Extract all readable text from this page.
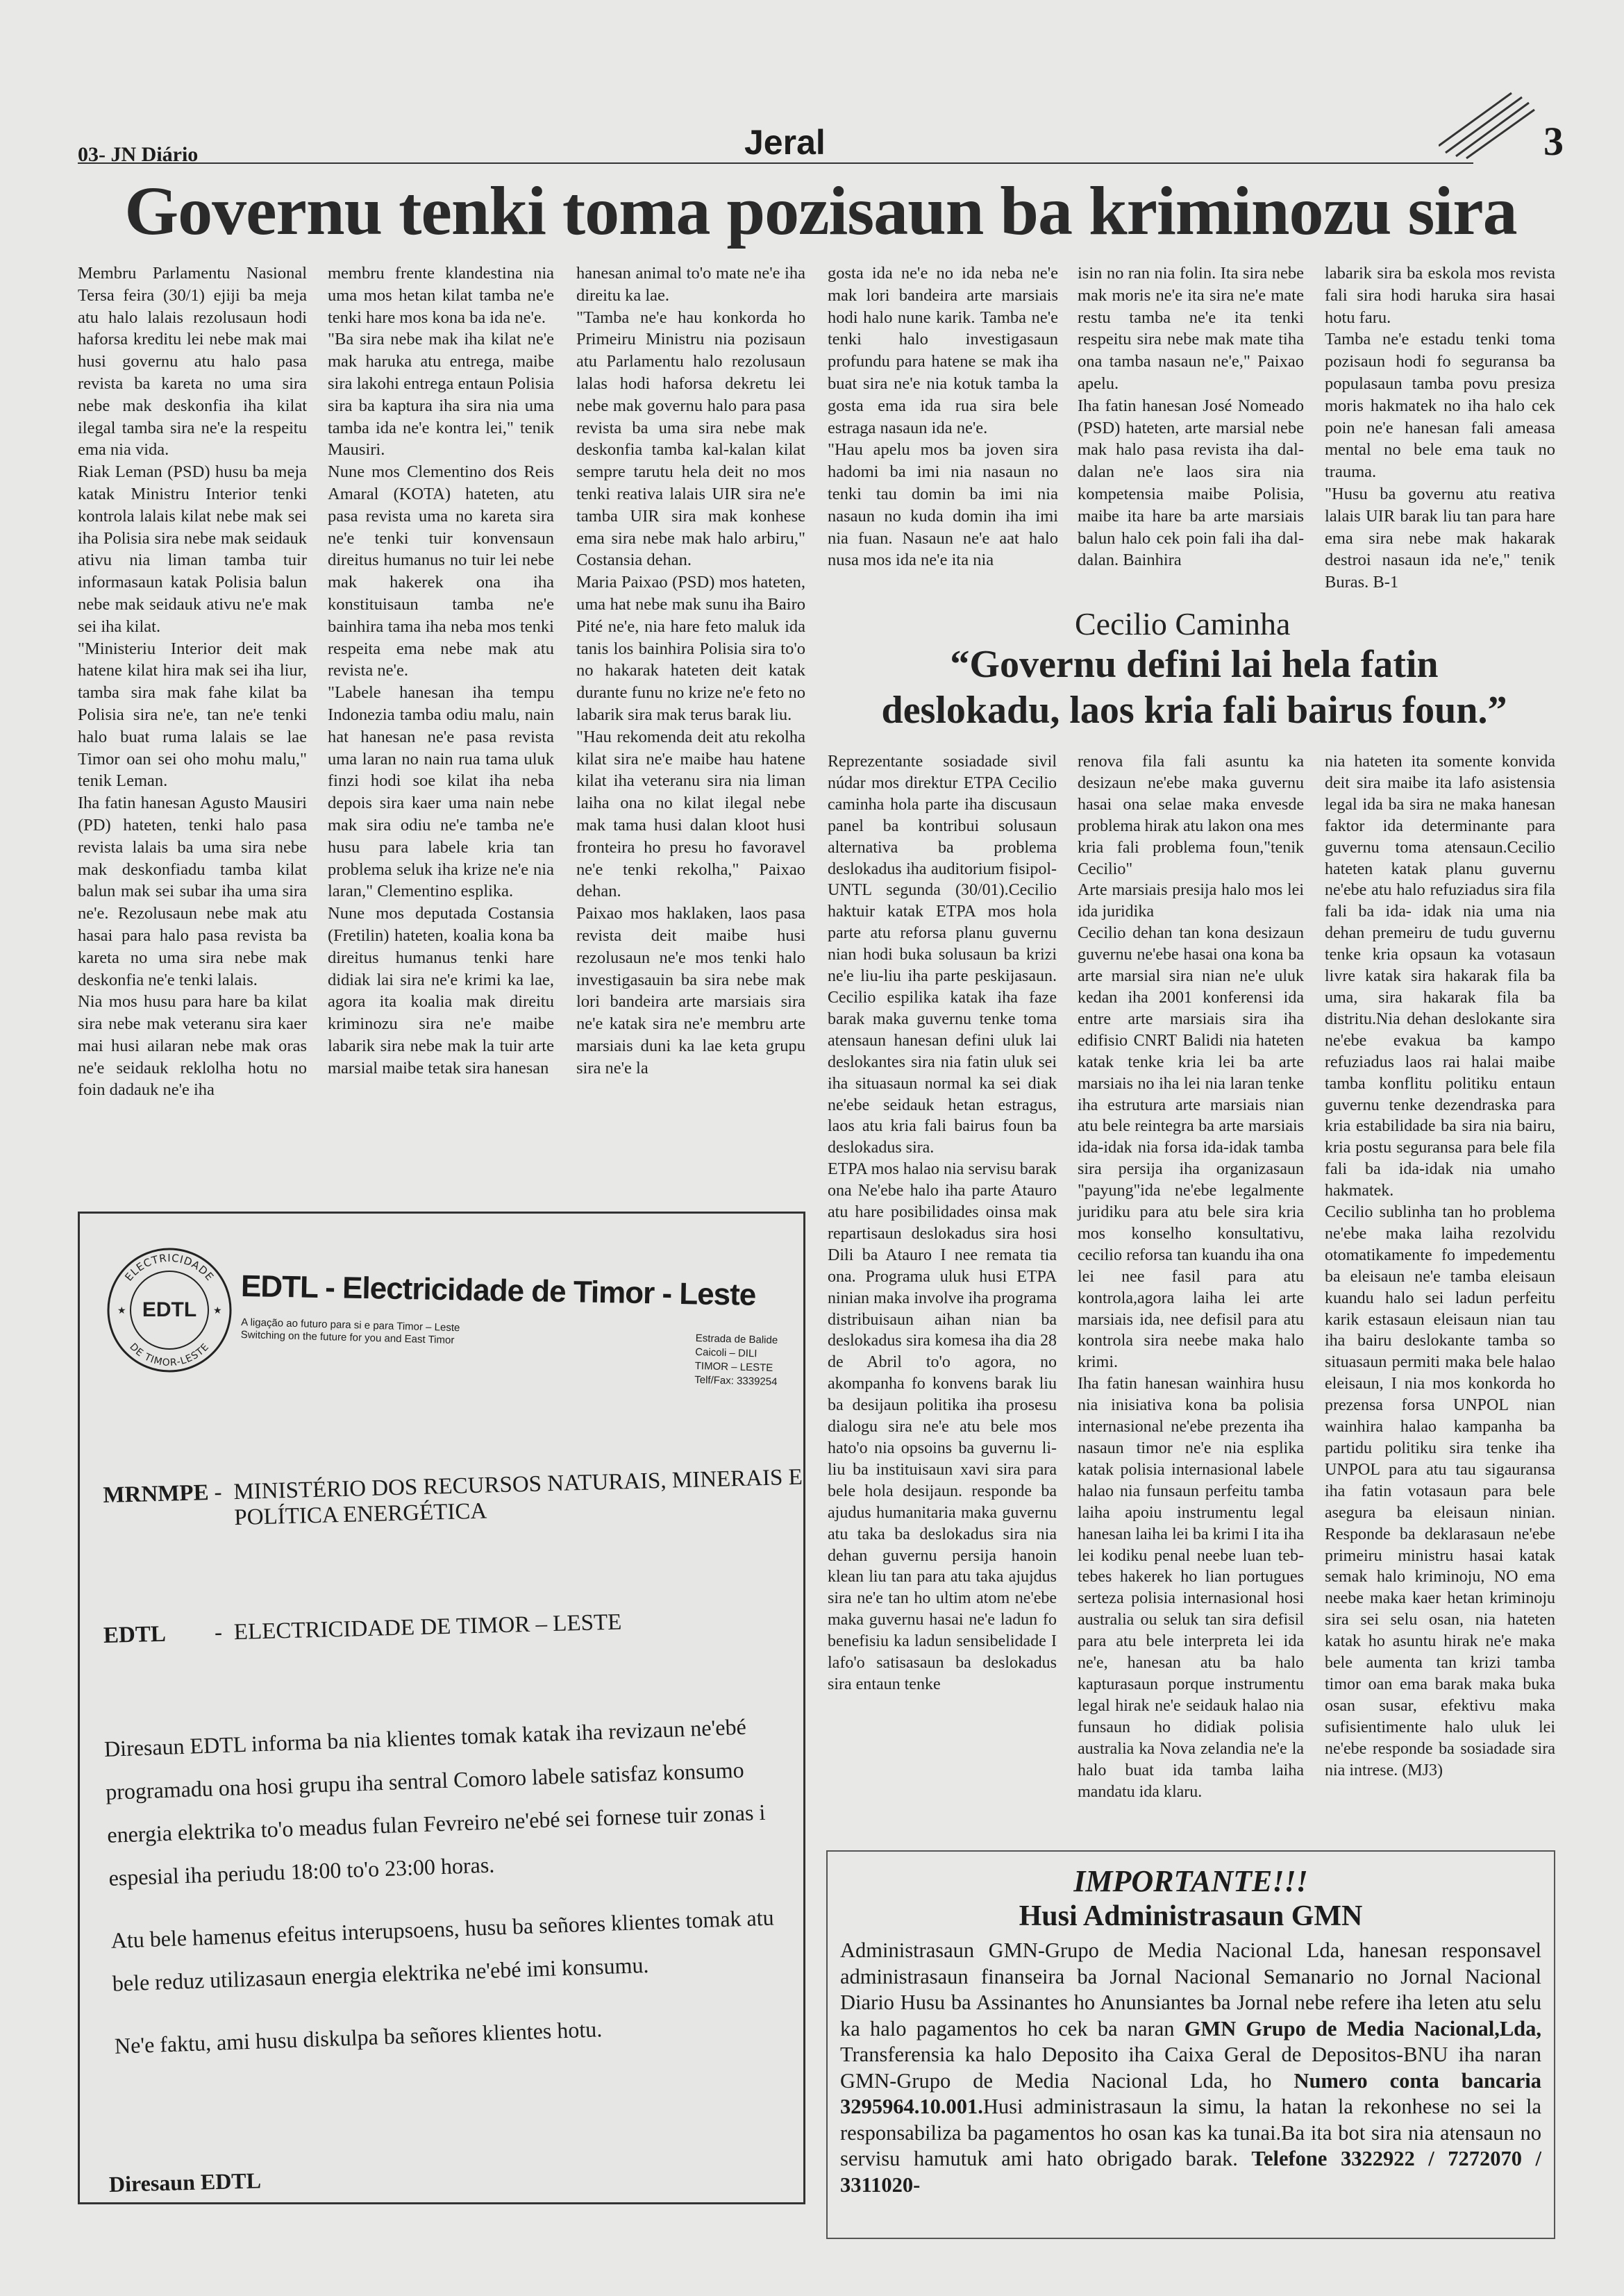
03- JN Diário	Jeral	3
Governu tenki toma pozisaun ba kriminozu sira

Membru Parlamentu Nasional Tersa feira (30/1) ejiji ba meja atu halo lalais rezolusaun hodi haforsa kreditu lei nebe mak mai husi governu atu halo pasa revista ba kareta no uma sira nebe mak deskonfia iha kilat ilegal tamba sira ne'e la respeitu ema nia vida.

Riak Leman (PSD) husu ba meja katak Ministru Interior tenki kontrola lalais kilat nebe mak sei iha Polisia sira nebe mak seidauk ativu nia liman tamba tuir informasaun katak Polisia balun nebe mak seidauk ativu ne'e mak sei iha kilat.

"Ministeriu Interior deit mak hatene kilat hira mak sei iha liur, tamba sira mak fahe kilat ba Polisia sira ne'e, tan ne'e tenki halo buat ruma lalais se lae Timor oan sei oho mohu malu," tenik Leman.

Iha fatin hanesan Agusto Mausiri (PD) hateten, tenki halo pasa revista lalais ba uma sira nebe mak deskonfiadu tamba kilat balun mak sei subar iha uma sira ne'e. Rezolusaun nebe mak atu hasai para halo pasa revista ba kareta no uma sira nebe mak deskonfia ne'e tenki lalais.

Nia mos husu para hare ba kilat sira nebe mak veteranu sira kaer mai husi ailaran nebe mak oras ne'e seidauk reklolha hotu no foin dadauk ne'e iha

membru frente klandestina nia uma mos hetan kilat tamba ne'e tenki hare mos kona ba ida ne'e.

"Ba sira nebe mak iha kilat ne'e mak haruka atu entrega, maibe sira lakohi entrega entaun Polisia sira ba kaptura iha sira nia uma tamba ida ne'e kontra lei," tenik Mausiri.

Nune mos Clementino dos Reis Amaral (KOTA) hateten, atu pasa revista uma no kareta sira ne'e tenki tuir konvensaun direitus humanus no tuir lei nebe mak hakerek ona iha konstituisaun tamba ne'e bainhira tama iha neba mos tenki respeita ema nebe mak atu revista ne'e.

"Labele hanesan iha tempu Indonezia tamba odiu malu, nain hat hanesan ne'e pasa revista uma laran no nain rua tama uluk finzi hodi soe kilat iha neba depois sira kaer uma nain nebe mak sira odiu ne'e tamba ne'e husu para labele kria tan problema seluk iha krize ne'e nia laran," Clementino esplika.

Nune mos deputada Costansia (Fretilin) hateten, koalia kona ba direitus humanus tenki hare didiak lai sira ne'e krimi ka lae, agora ita koalia mak direitu kriminozu sira ne'e maibe labarik sira nebe mak la tuir arte marsial maibe tetak sira hanesan

hanesan animal to'o mate ne'e iha direitu ka lae.

"Tamba ne'e hau konkorda ho Primeiru Ministru nia pozisaun atu Parlamentu halo rezolusaun lalas hodi haforsa dekretu lei nebe mak governu halo para pasa revista ba uma sira nebe mak deskonfia tamba kal-kalan kilat sempre tarutu hela deit no mos tenki reativa lalais UIR sira ne'e tamba UIR sira mak konhese ema sira nebe mak halo arbiru," Costansia dehan.

Maria Paixao (PSD) mos hateten, uma hat nebe mak sunu iha Bairo Pité ne'e, nia hare feto maluk ida tanis los bainhira Polisia sira to'o no hakarak hateten deit katak durante funu no krize ne'e feto no labarik sira mak terus barak liu.

"Hau rekomenda deit atu rekolha kilat sira ne'e maibe hau hatene kilat iha veteranu sira nia liman laiha ona no kilat ilegal nebe mak tama husi dalan kloot husi fronteira ho presu ho favoravel ne'e tenki rekolha," Paixao dehan.

Paixao mos haklaken, laos pasa revista deit maibe husi rezolusaun ne'e mos tenki halo investigasauin ba sira nebe mak lori bandeira arte marsiais sira ne'e katak sira ne'e membru arte marsiais duni ka lae keta grupu sira ne'e la

gosta ida ne'e no ida neba ne'e mak lori bandeira arte marsiais hodi halo nune karik. Tamba ne'e tenki halo investigasaun profundu para hatene se mak iha buat sira ne'e nia kotuk tamba la gosta ema ida rua sira bele estraga nasaun ida ne'e.

"Hau apelu mos ba joven sira hadomi ba imi nia nasaun no tenki tau domin ba imi nia nasaun no kuda domin iha imi nia fuan. Nasaun ne'e aat halo nusa mos ida ne'e ita nia

isin no ran nia folin. Ita sira nebe mak moris ne'e ita sira ne'e mate restu tamba ne'e ita tenki respeitu sira nebe mak mate tiha ona tamba nasaun ne'e," Paixao apelu.

Iha fatin hanesan José Nomeado (PSD) hateten, arte marsial nebe mak halo pasa revista iha dal-dalan ne'e laos sira nia kompetensia maibe Polisia, maibe ita hare ba arte marsiais balun halo cek poin fali iha dal-dalan. Bainhira

labarik sira ba eskola mos revista fali sira hodi haruka sira hasai hotu faru.

Tamba ne'e estadu tenki toma pozisaun hodi fo seguransa ba populasaun tamba povu presiza moris hakmatek no iha halo cek poin ne'e hanesan fali ameasa mental no bele ema tauk no trauma.

"Husu ba governu atu reativa lalais UIR barak liu tan para hare ema sira nebe mak hakarak destroi nasaun ida ne'e," tenik Buras. B-1

Cecilio Caminha
“Governu defini lai hela fatin
deslokadu, laos kria fali bairus foun.”

Reprezentante sosiadade sivil núdar mos direktur ETPA Cecilio caminha hola parte iha discusaun panel ba kontribui solusaun alternativa ba problema deslokadus iha auditorium fisipol- UNTL segunda (30/01).Cecilio haktuir katak ETPA mos hola parte atu reforsa planu guvernu nian hodi buka solusaun ba krizi ne'e liu-liu iha parte peskijasaun. Cecilio espilika katak iha faze barak maka guvernu tenke toma atensaun hanesan defini uluk lai deslokantes sira nia fatin uluk sei iha situasaun normal ka sei diak ne'ebe seidauk hetan estragus, laos atu kria fali bairus foun ba deslokadus sira.

ETPA mos halao nia servisu barak ona Ne'ebe halo iha parte Atauro atu hare posibilidades oinsa mak repartisaun deslokadus sira hosi Dili ba Atauro I nee remata tia ona. Programa uluk husi ETPA ninian maka involve iha programa distribuisaun aihan nian ba deslokadus sira komesa iha dia 28 de Abril to'o agora, no akompanha fo konvens barak liu ba desijaun politika iha prosesu dialogu sira ne'e atu bele mos hato'o nia opsoins ba guvernu li-liu ba instituisaun xavi sira para bele hola desijaun. responde ba ajudus humanitaria maka guvernu atu taka ba deslokadus sira nia dehan guvernu persija hanoin klean liu tan para atu taka ajujdus sira ne'e tan ho ultim atom ne'ebe maka guvernu hasai ne'e ladun fo benefisiu ka ladun sensibelidade I lafo'o satisasaun ba deslokadus sira entaun tenke

renova fila fali asuntu ka desizaun ne'ebe maka guvernu hasai ona selae maka envesde problema hirak atu lakon ona mes kria fali problema foun,"tenik Cecilio"

Arte marsiais presija halo mos lei ida juridika

Cecilio dehan tan kona desizaun guvernu ne'ebe hasai ona kona ba arte marsial sira nian ne'e uluk kedan iha 2001 konferensi ida entre arte marsiais sira iha edifisio CNRT Balidi nia hateten katak tenke kria lei ba arte marsiais no iha lei nia laran tenke iha estrutura arte marsiais nian atu bele reintegra ba arte marsiais ida-idak nia forsa ida-idak tamba sira persija iha organizasaun "payung"ida ne'ebe legalmente juridiku para atu bele sira kria mos konselho konsultativu, cecilio reforsa tan kuandu iha ona lei nee fasil para atu kontrola,agora laiha lei arte marsiais ida, nee defisil para atu kontrola sira neebe maka halo krimi.

Iha fatin hanesan wainhira husu nia inisiativa kona ba polisia internasional ne'ebe prezenta iha nasaun timor ne'e nia esplika katak polisia internasional labele halao nia funsaun perfeitu tamba laiha apoiu instrumentu legal hanesan laiha lei ba krimi I ita iha lei kodiku penal neebe luan teb-tebes hakerek ho lian portugues serteza polisia internasional hosi australia ou seluk tan sira defisil para atu bele interpreta lei ida ne'e, hanesan atu ba halo kapturasaun porque instrumentu legal hirak ne'e seidauk halao nia funsaun ho didiak polisia australia ka Nova zelandia ne'e la halo buat ida tamba laiha mandatu ida klaru.

nia hateten ita somente konvida deit sira maibe ita lafo asistensia legal ida ba sira ne maka hanesan faktor ida determinante para guvernu toma atensaun.Cecilio hateten katak planu guvernu ne'ebe atu halo refuziadus sira fila fali ba ida- idak nia uma nia dehan premeiru de tudu guvernu tenke kria opsaun ka votasaun livre katak sira hakarak fila ba uma, sira hakarak fila ba distritu.Nia dehan deslokante sira ne'ebe evakua ba kampo refuziadus laos rai halai maibe tamba konflitu politiku entaun guvernu tenke dezendraska para kria estabilidade ba sira nia bairu, kria postu seguransa para bele fila fali ba ida-idak nia umaho hakmatek.

Cecilio sublinha tan ho problema ne'ebe maka laiha rezolvidu otomatikamente fo impedementu ba eleisaun ne'e tamba eleisaun kuandu halo sei ladun perfeitu karik estasaun eleisaun nian tau iha bairu deslokante tamba so situasaun permiti maka bele halao eleisaun, I nia mos konkorda ho prezensa forsa UNPOL nian wainhira halao kampanha ba partidu politiku sira tenke iha UNPOL para atu tau sigauransa iha fatin votasaun para bele asegura ba eleisaun ninian. Responde ba deklarasaun ne'ebe primeiru ministru hasai katak semak halo kriminoju, NO ema neebe maka kaer hetan kriminoju sira sei selu osan, nia hateten katak ho asuntu hirak ne'e maka bele aumenta tan krizi tamba timor oan ema barak maka buka osan susar, efektivu maka sufisientimente halo uluk lei ne'ebe responde ba sosiadade sira nia intrese. (MJ3)

ELECTRICIDADE
DE TIMOR-LESTE
EDTL
★	★ EDTL - Electricidade de Timor - Leste
A ligação ao futuro para si e para Timor – Leste
Switching on the future for you and East Timor	Estrada de Balide
Caicoli – DILI
TIMOR – LESTE
Telf/Fax: 3339254
MRNMPE - MINISTÉRIO DOS RECURSOS NATURAIS, MINERAIS E
POLÍTICA ENERGÉTICA
EDTL - ELECTRICIDADE DE TIMOR – LESTE

Diresaun EDTL informa ba nia klientes tomak katak iha revizaun ne'ebé programadu ona hosi grupu iha sentral Comoro labele satisfaz konsumo energia elektrika to'o meadus fulan Fevreiro ne'ebé sei fornese tuir zonas i espesial iha periudu 18:00 to'o 23:00 horas.

Atu bele hamenus efeitus interupsoens, husu ba señores klientes tomak atu bele reduz utilizasaun energia elektrika ne'ebé imi konsumu.

Ne'e faktu, ami husu diskulpa ba señores klientes hotu.

Diresaun EDTL
IMPORTANTE!!!
Husi Administrasaun GMN
Administrasaun GMN-Grupo de Media Nacional Lda, hanesan responsavel administrasaun finanseira ba Jornal Nacional Semanario no Jornal Nacional Diario Husu ba Assinantes ho Anunsiantes ba Jornal nebe refere iha leten atu selu ka halo pagamentos ho cek ba naran GMN Grupo de Media Nacional,Lda, Transferensia ka halo Deposito iha Caixa Geral de Depositos-BNU iha naran GMN-Grupo de Media Nacional Lda, ho Numero conta bancaria 3295964.10.001.Husi administrasaun la simu, la hatan la rekonhese no sei la responsabiliza ba pagamentos ho osan kas ka tunai.Ba ita bot sira nia atensaun no servisu hamutuk ami hato obrigado barak. Telefone 3322922 / 7272070 / 3311020-
